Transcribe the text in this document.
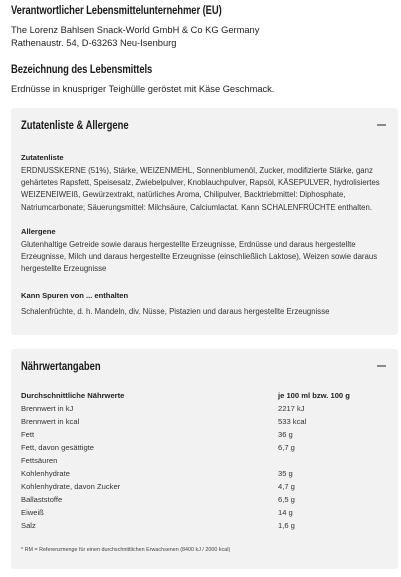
Verantwortlicher Lebensmittelunternehmer (EU)
The Lorenz Bahlsen Snack-World GmbH & Co KG Germany
Rathenaustr. 54, D-63263 Neu-Isenburg
Bezeichnung des Lebensmittels
Erdnüsse in knuspriger Teighülle geröstet mit Käse Geschmack.
Zutatenliste & Allergene
Zutatenliste
ERDNUSSKERNE (51%), Stärke, WEIZENMEHL, Sonnenblumenöl, Zucker, modifizierte Stärke, ganz
gehärtetes Rapsfett, Speisesalz, Zwiebelpulver, Knoblauchpulver, Rapsöl, KÄSEPULVER, hydrolisiertes
WEIZENEIWEIß, Gewürzextrakt, natürliches Aroma, Chilipulver, Backtriebmittel: Diphosphate,
Natriumcarbonate; Säuerungsmittel: Milchsäure, Calciumlactat. Kann SCHALENFRÜCHTE enthalten.
Allergene
Glutenhaltige Getreide sowie daraus hergestellte Erzeugnisse, Erdnüsse und daraus hergestellte
Erzeugnisse, Milch und daraus hergestellte Erzeugnisse (einschließlich Laktose), Weizen sowie daraus
hergestellte Erzeugnisse
Kann Spuren von ... enthalten
Schalenfrüchte, d. h. Mandeln, div. Nüsse, Pistazien und daraus hergestellte Erzeugnisse
Nährwertangaben
Durchschnittliche Nährwerte	je 100 ml bzw. 100 g
Brennwert in kJ	2217 kJ
Brennwert in kcal	533 kcal
Fett	36 g
Fett, davon gesättigte	6,7 g
Fettsäuren
Kohlenhydrate	35 g
Kohlenhydrate, davon Zucker	4,7 g
Ballaststoffe	6,5 g
Eiweiß	14 g
Salz	1,6 g
* RM = Referenzmenge für einen durchschnittlichen Erwachsenen (8400 kJ / 2000 kcal)
